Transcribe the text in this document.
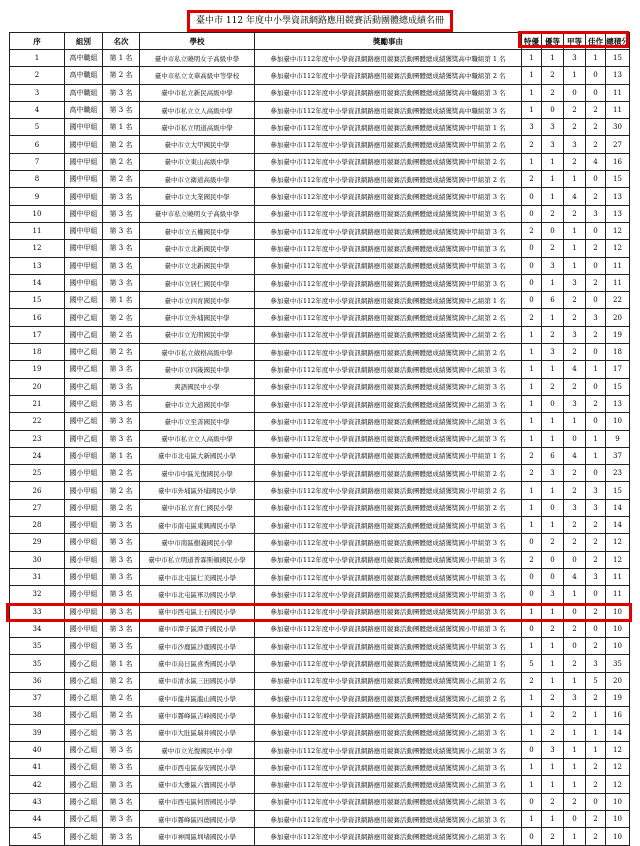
臺中市 112 年度中小學資訊網路應用競賽活動團體總成績名冊
序	組別	名次	學校	獎勵事由	特優	優等	甲等	佳作	總積分
1	高中職組	第 1 名	臺中市私立曉明女子高級中學	參加臺中市112年度中小學資訊網路應用競賽活動團體總成績獲獎高中職組第 1 名	1	1	3	1	15
2	高中職組	第 2 名	臺中市私立文華高級中等學校	參加臺中市112年度中小學資訊網路應用競賽活動團體總成績獲獎高中職組第 2 名	1	2	1	0	13
3	高中職組	第 3 名	臺中市私立新民高級中學	參加臺中市112年度中小學資訊網路應用競賽活動團體總成績獲獎高中職組第 3 名	1	2	0	0	11
4	高中職組	第 3 名	臺中市私立立人高級中學	參加臺中市112年度中小學資訊網路應用競賽活動團體總成績獲獎高中職組第 3 名	1	0	2	2	11
5	國中甲組	第 1 名	臺中市私立明道高級中學	參加臺中市112年度中小學資訊網路應用競賽活動團體總成績獲獎國中甲組第 1 名	3	3	2	2	30
6	國中甲組	第 2 名	臺中市立大甲國民中學	參加臺中市112年度中小學資訊網路應用競賽活動團體總成績獲獎國中甲組第 2 名	2	3	3	2	27
7	國中甲組	第 2 名	臺中市立東山高級中學	參加臺中市112年度中小學資訊網路應用競賽活動團體總成績獲獎國中甲組第 2 名	1	1	2	4	16
8	國中甲組	第 2 名	臺中市立衛道高級中學	參加臺中市112年度中小學資訊網路應用競賽活動團體總成績獲獎國中甲組第 2 名	2	1	1	0	15
9	國中甲組	第 3 名	臺中市立大業國民中學	參加臺中市112年度中小學資訊網路應用競賽活動團體總成績獲獎國中甲組第 3 名	0	1	4	2	13
10	國中甲組	第 3 名	臺中市私立曉明女子高級中學	參加臺中市112年度中小學資訊網路應用競賽活動團體總成績獲獎國中甲組第 3 名	0	2	2	3	13
11	國中甲組	第 3 名	臺中市立五權國民中學	參加臺中市112年度中小學資訊網路應用競賽活動團體總成績獲獎國中甲組第 3 名	2	0	1	0	12
12	國中甲組	第 3 名	臺中市立北新國民中學	參加臺中市112年度中小學資訊網路應用競賽活動團體總成績獲獎國中甲組第 3 名	0	2	1	2	12
13	國中甲組	第 3 名	臺中市立北新國民中學	參加臺中市112年度中小學資訊網路應用競賽活動團體總成績獲獎國中甲組第 3 名	0	3	1	0	11
14	國中甲組	第 3 名	臺中市立居仁國民中學	參加臺中市112年度中小學資訊網路應用競賽活動團體總成績獲獎國中甲組第 3 名	0	1	3	2	11
15	國中乙組	第 1 名	臺中市立四育國民中學	參加臺中市112年度中小學資訊網路應用競賽活動團體總成績獲獎國中乙組第 1 名	0	6	2	0	22
16	國中乙組	第 2 名	臺中市立外埔國民中學	參加臺中市112年度中小學資訊網路應用競賽活動團體總成績獲獎國中乙組第 2 名	2	1	2	3	20
17	國中乙組	第 2 名	臺中市立光明國民中學	參加臺中市112年度中小學資訊網路應用競賽活動團體總成績獲獎國中乙組第 2 名	1	2	3	2	19
18	國中乙組	第 2 名	臺中市私立葳格高級中學	參加臺中市112年度中小學資訊網路應用競賽活動團體總成績獲獎國中乙組第 2 名	1	3	2	0	18
19	國中乙組	第 3 名	臺中市立四箴國民中學	參加臺中市112年度中小學資訊網路應用競賽活動團體總成績獲獎國中乙組第 3 名	1	1	4	1	17
20	國中乙組	第 3 名	爽語國民中小學	參加臺中市112年度中小學資訊網路應用競賽活動團體總成績獲獎國中乙組第 3 名	1	2	2	0	15
21	國中乙組	第 3 名	臺中市立大道國民中學	參加臺中市112年度中小學資訊網路應用競賽活動團體總成績獲獎國中乙組第 3 名	1	0	3	2	13
22	國中乙組	第 3 名	臺中市立至善國民中學	參加臺中市112年度中小學資訊網路應用競賽活動團體總成績獲獎國中乙組第 3 名	1	1	1	0	10
23	國中乙組	第 3 名	臺中市私立立人高級中學	參加臺中市112年度中小學資訊網路應用競賽活動團體總成績獲獎國中乙組第 3 名	1	1	0	1	9
24	國小甲組	第 1 名	臺中市北屯區大新國民小學	參加臺中市112年度中小學資訊網路應用競賽活動團體總成績獲獎國小甲組第 1 名	2	6	4	1	37
25	國小甲組	第 2 名	臺中市中區光復國民小學	參加臺中市112年度中小學資訊網路應用競賽活動團體總成績獲獎國小甲組第 2 名	2	3	2	0	23
26	國小甲組	第 2 名	臺中市外埔區外埔國民小學	參加臺中市112年度中小學資訊網路應用競賽活動團體總成績獲獎國小甲組第 2 名	1	1	2	3	15
27	國小甲組	第 2 名	臺中市私立育仁國民小學	參加臺中市112年度中小學資訊網路應用競賽活動團體總成績獲獎國小甲組第 2 名	1	0	3	3	14
28	國小甲組	第 3 名	臺中市南屯區東興國民小學	參加臺中市112年度中小學資訊網路應用競賽活動團體總成績獲獎國小甲組第 3 名	1	1	2	2	14
29	國小甲組	第 3 名	臺中市南區樹義國民小學	參加臺中市112年度中小學資訊網路應用競賽活動團體總成績獲獎國小甲組第 3 名	0	2	2	2	12
30	國小甲組	第 3 名	臺中市私立明道普霖斯頓國民小學	參加臺中市112年度中小學資訊網路應用競賽活動團體總成績獲獎國小甲組第 3 名	2	0	0	2	12
31	國小甲組	第 3 名	臺中市北屯區仁美國民小學	參加臺中市112年度中小學資訊網路應用競賽活動團體總成績獲獎國小甲組第 3 名	0	0	4	3	11
32	國小甲組	第 3 名	臺中市北屯區軍功國民小學	參加臺中市112年度中小學資訊網路應用競賽活動團體總成績獲獎國小甲組第 3 名	0	3	1	0	11
33	國小甲組	第 3 名	臺中市西屯區上石國民小學	參加臺中市112年度中小學資訊網路應用競賽活動團體總成績獲獎國小甲組第 3 名	1	1	0	2	10
34	國小甲組	第 3 名	臺中市潭子區潭子國民小學	參加臺中市112年度中小學資訊網路應用競賽活動團體總成績獲獎國小甲組第 3 名	0	2	2	0	10
35	國小甲組	第 3 名	臺中市沙鹿區沙鹿國民小學	參加臺中市112年度中小學資訊網路應用競賽活動團體總成績獲獎國小甲組第 3 名	1	1	0	2	10
35	國小乙組	第 1 名	臺中市烏日區喜秀國民小學	參加臺中市112年度中小學資訊網路應用競賽活動團體總成績獲獎國小乙組第 1 名	5	1	2	3	35
36	國小乙組	第 2 名	臺中市清水區三田國民小學	參加臺中市112年度中小學資訊網路應用競賽活動團體總成績獲獎國小乙組第 2 名	2	1	1	5	20
37	國小乙組	第 2 名	臺中市龍井區龍山國民小學	參加臺中市112年度中小學資訊網路應用競賽活動團體總成績獲獎國小乙組第 2 名	1	2	3	2	19
38	國小乙組	第 2 名	臺中市霧峰區吉峰國民小學	參加臺中市112年度中小學資訊網路應用競賽活動團體總成績獲獎國小乙組第 2 名	1	2	2	1	16
39	國小乙組	第 3 名	臺中市大肚區瑞井國民小學	參加臺中市112年度中小學資訊網路應用競賽活動團體總成績獲獎國小乙組第 3 名	1	2	1	1	14
40	國小乙組	第 3 名	臺中市立光復國民中小學	參加臺中市112年度中小學資訊網路應用競賽活動團體總成績獲獎國小乙組第 3 名	0	3	1	1	12
41	國小乙組	第 3 名	臺中市西屯區泰安國民小學	參加臺中市112年度中小學資訊網路應用競賽活動團體總成績獲獎國小乙組第 3 名	1	1	1	2	12
42	國小乙組	第 3 名	臺中市大雅區六寶國民小學	參加臺中市112年度中小學資訊網路應用競賽活動團體總成績獲獎國小乙組第 3 名	1	1	1	2	12
43	國小乙組	第 3 名	臺中市西屯區何厝國民小學	參加臺中市112年度中小學資訊網路應用競賽活動團體總成績獲獎國小乙組第 3 名	0	2	2	0	10
44	國小乙組	第 3 名	臺中市霧峰區四德國民小學	參加臺中市112年度中小學資訊網路應用競賽活動團體總成績獲獎國小乙組第 3 名	1	1	0	2	10
45	國小乙組	第 3 名	臺中市神岡區圳堵國民小學	參加臺中市112年度中小學資訊網路應用競賽活動團體總成績獲獎國小乙組第 3 名	0	2	1	2	10
